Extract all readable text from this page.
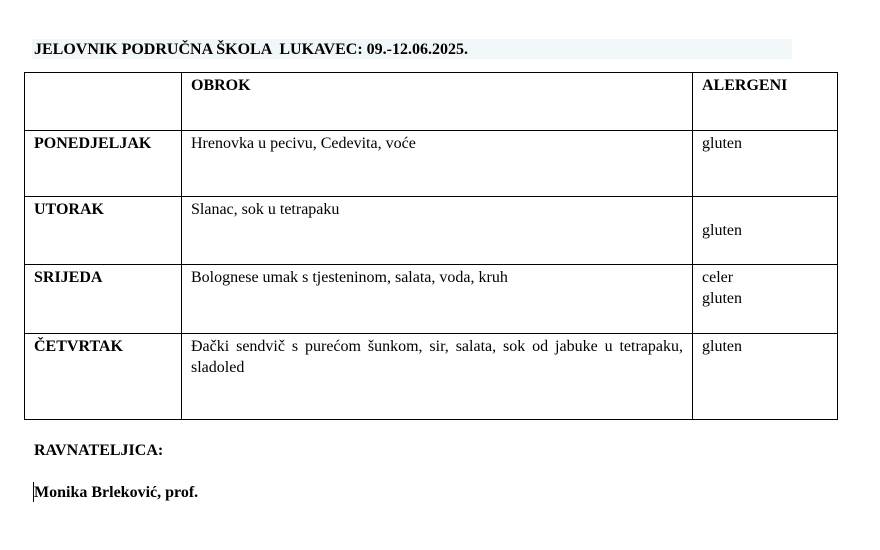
JELOVNIK PODRUČNA ŠKOLA  LUKAVEC: 09.-12.06.2025.
	OBROK	ALERGENI
PONEDJELJAK	Hrenovka u pecivu, Cedevita, voće	gluten

UTORAK	Slanac, sok u tetrapaku	gluten

SRIJEDA	Bolognese umak s tjesteninom, salata, voda, kruh	celer
gluten

ČETVRTAK	Đački sendvič s purećom šunkom, sir, salata, sok od jabuke u tetrapaku, sladoled	gluten
RAVNATELJICA:
Monika Brleković, prof.
